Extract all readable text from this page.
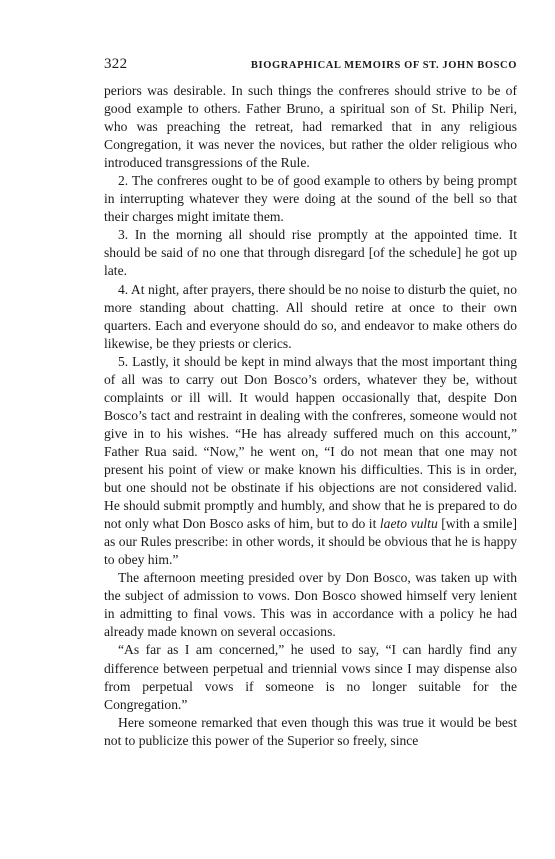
322	BIOGRAPHICAL MEMOIRS OF ST. JOHN BOSCO

periors was desirable. In such things the confreres should strive to be of good example to others. Father Bruno, a spiritual son of St. Philip Neri, who was preaching the retreat, had remarked that in any religious Congregation, it was never the novices, but rather the older religious who introduced transgressions of the Rule.

2. The confreres ought to be of good example to others by being prompt in interrupting whatever they were doing at the sound of the bell so that their charges might imitate them.

3. In the morning all should rise promptly at the appointed time. It should be said of no one that through disregard [of the schedule] he got up late.

4. At night, after prayers, there should be no noise to disturb the quiet, no more standing about chatting. All should retire at once to their own quarters. Each and everyone should do so, and endeavor to make others do likewise, be they priests or clerics.

5. Lastly, it should be kept in mind always that the most important thing of all was to carry out Don Bosco’s orders, whatever they be, without complaints or ill will. It would happen occasionally that, despite Don Bosco’s tact and restraint in dealing with the confreres, someone would not give in to his wishes. “He has already suffered much on this account,” Father Rua said. “Now,” he went on, “I do not mean that one may not present his point of view or make known his difficulties. This is in order, but one should not be obstinate if his objections are not considered valid. He should submit promptly and humbly, and show that he is prepared to do not only what Don Bosco asks of him, but to do it laeto vultu [with a smile] as our Rules prescribe: in other words, it should be obvious that he is happy to obey him.”

The afternoon meeting presided over by Don Bosco, was taken up with the subject of admission to vows. Don Bosco showed himself very lenient in admitting to final vows. This was in accordance with a policy he had already made known on several occasions.

“As far as I am concerned,” he used to say, “I can hardly find any difference between perpetual and triennial vows since I may dispense also from perpetual vows if someone is no longer suitable for the Congregation.”

Here someone remarked that even though this was true it would be best not to publicize this power of the Superior so freely, since
